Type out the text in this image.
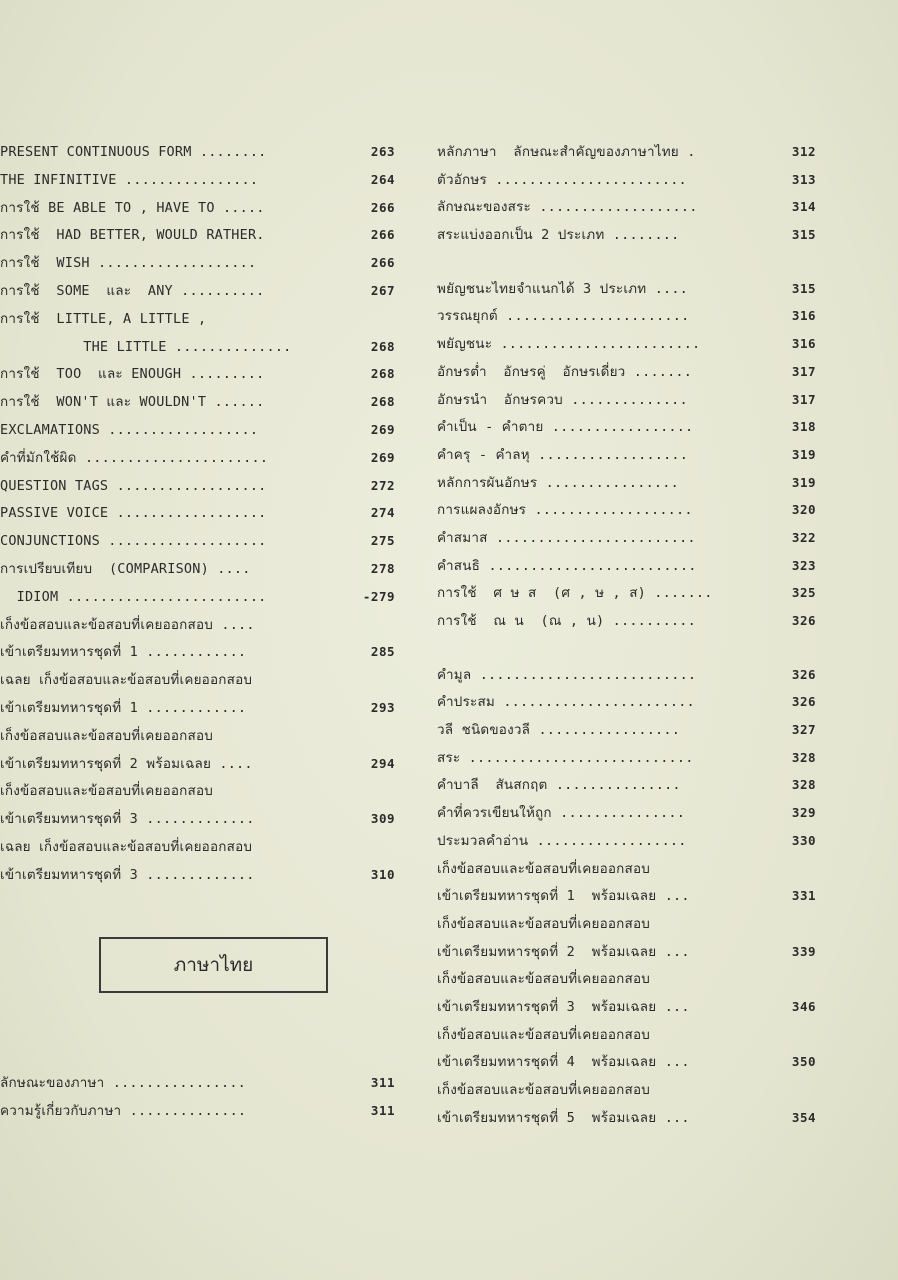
PRESENT CONTINUOUS FORM ........	263
THE INFINITIVE ................	264
การใช้ BE ABLE TO , HAVE TO .....	266
การใช้  HAD BETTER, WOULD RATHER.	266
การใช้  WISH ...................	266
การใช้  SOME  และ  ANY ..........	267
การใช้  LITTLE, A LITTLE ,
THE LITTLE ..............	268
การใช้  TOO  และ ENOUGH .........	268
การใช้  WON'T และ WOULDN'T ......	268
EXCLAMATIONS ..................	269
คำที่มักใช้ผิด ......................	269
QUESTION TAGS ..................	272
PASSIVE VOICE ..................	274
CONJUNCTIONS ...................	275
การเปรียบเทียบ  (COMPARISON) ....	278
IDIOM ........................	-279
เก็งข้อสอบและข้อสอบที่เคยออกสอบ ....
เข้าเตรียมทหารชุดที่ 1 ............	285
เฉลย เก็งข้อสอบและข้อสอบที่เคยออกสอบ
เข้าเตรียมทหารชุดที่ 1 ............	293
เก็งข้อสอบและข้อสอบที่เคยออกสอบ
เข้าเตรียมทหารชุดที่ 2 พร้อมเฉลย ....	294
เก็งข้อสอบและข้อสอบที่เคยออกสอบ
เข้าเตรียมทหารชุดที่ 3 .............	309
เฉลย เก็งข้อสอบและข้อสอบที่เคยออกสอบ
เข้าเตรียมทหารชุดที่ 3 .............	310
ภาษาไทย
ลักษณะของภาษา ................	311
ความรู้เกี่ยวกับภาษา ..............	311
หลักภาษา  ลักษณะสำคัญของภาษาไทย .	312
ตัวอักษร .......................	313
ลักษณะของสระ ...................	314
สระแบ่งออกเป็น 2 ประเภท ........	315
พยัญชนะไทยจำแนกได้ 3 ประเภท ....	315
วรรณยุกต์ ......................	316
พยัญชนะ ........................	316
อักษรต่ำ  อักษรคู่  อักษรเดี่ยว .......	317
อักษรนำ  อักษรควบ ..............	317
คำเป็น - คำตาย .................	318
คำครุ - คำลหุ ..................	319
หลักการผันอักษร ................	319
การแผลงอักษร ...................	320
คำสมาส ........................	322
คำสนธิ .........................	323
การใช้  ศ ษ ส  (ศ , ษ , ส) .......	325
การใช้  ณ น  (ณ , น) ..........	326
คำมูล ..........................	326
คำประสม .......................	326
วลี ชนิดของวลี .................	327
สระ ...........................	328
คำบาลี  สันสกฤต ...............	328
คำที่ควรเขียนให้ถูก ...............	329
ประมวลคำอ่าน ..................	330
เก็งข้อสอบและข้อสอบที่เคยออกสอบ
เข้าเตรียมทหารชุดที่ 1  พร้อมเฉลย ...	331
เก็งข้อสอบและข้อสอบที่เคยออกสอบ
เข้าเตรียมทหารชุดที่ 2  พร้อมเฉลย ...	339
เก็งข้อสอบและข้อสอบที่เคยออกสอบ
เข้าเตรียมทหารชุดที่ 3  พร้อมเฉลย ...	346
เก็งข้อสอบและข้อสอบที่เคยออกสอบ
เข้าเตรียมทหารชุดที่ 4  พร้อมเฉลย ...	350
เก็งข้อสอบและข้อสอบที่เคยออกสอบ
เข้าเตรียมทหารชุดที่ 5  พร้อมเฉลย ...	354
